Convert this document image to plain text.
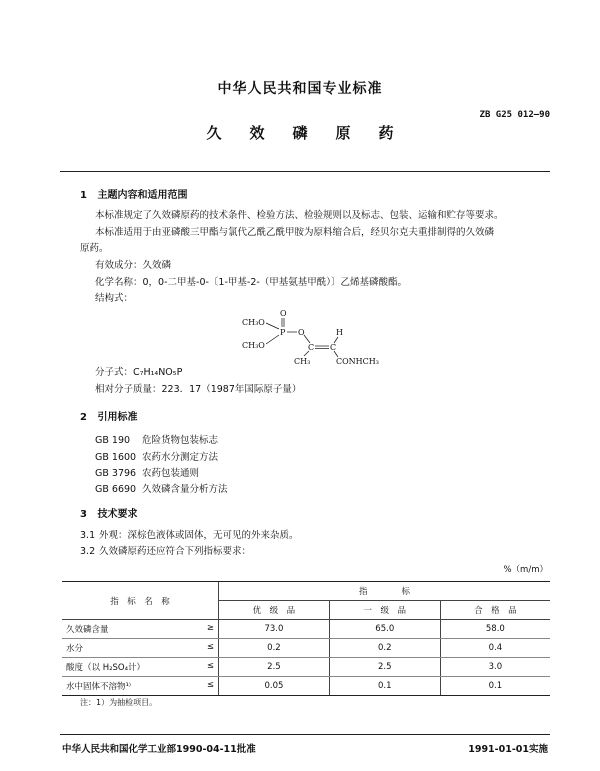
中华人民共和国专业标准
ZB G25 012—90
久效磷原药
1 主题内容和适用范围
本标准规定了久效磷原药的技术条件、检验方法、检验规则以及标志、包装、运输和贮存等要求。
本标准适用于由亚磷酸三甲酯与氯代乙酰乙酰甲胺为原料缩合后，经贝尔克夫重排制得的久效磷
原药。
有效成分：久效磷
化学名称：0，0-二甲基-0-〔1-甲基-2-（甲基氨基甲酰）〕乙烯基磷酸酯。
结构式：
O
CH₃O
P O
CH₃O	C C
H
CH₃	CONHCH₃
分子式：C₇H₁₄NO₅P
相对分子质量：223．17（1987年国际原子量）
2 引用标准
GB 190 危险货物包装标志
GB 1600 农药水分测定方法
GB 3796 农药包装通则
GB 6690 久效磷含量分析方法
3 技术要求
3.1 外观：深棕色液体或固体，无可见的外来杂质。
3.2 久效磷原药还应符合下列指标要求：
%（m/m）
指　标　名　称	指　　　　标		
	优　级　品	一　级　品	合　格　品
久效磷含量 ≥	73.0	65.0	58.0
水分 ≤	0.2	0.2	0.4
酸度（以 H₂SO₄计） ≤	2.5	2.5	3.0
水中固体不溶物¹⁾ ≤	0.05	0.1	0.1
注：1）为抽检项目。
中华人民共和国化学工业部1990-04-11批准	1991-01-01实施
